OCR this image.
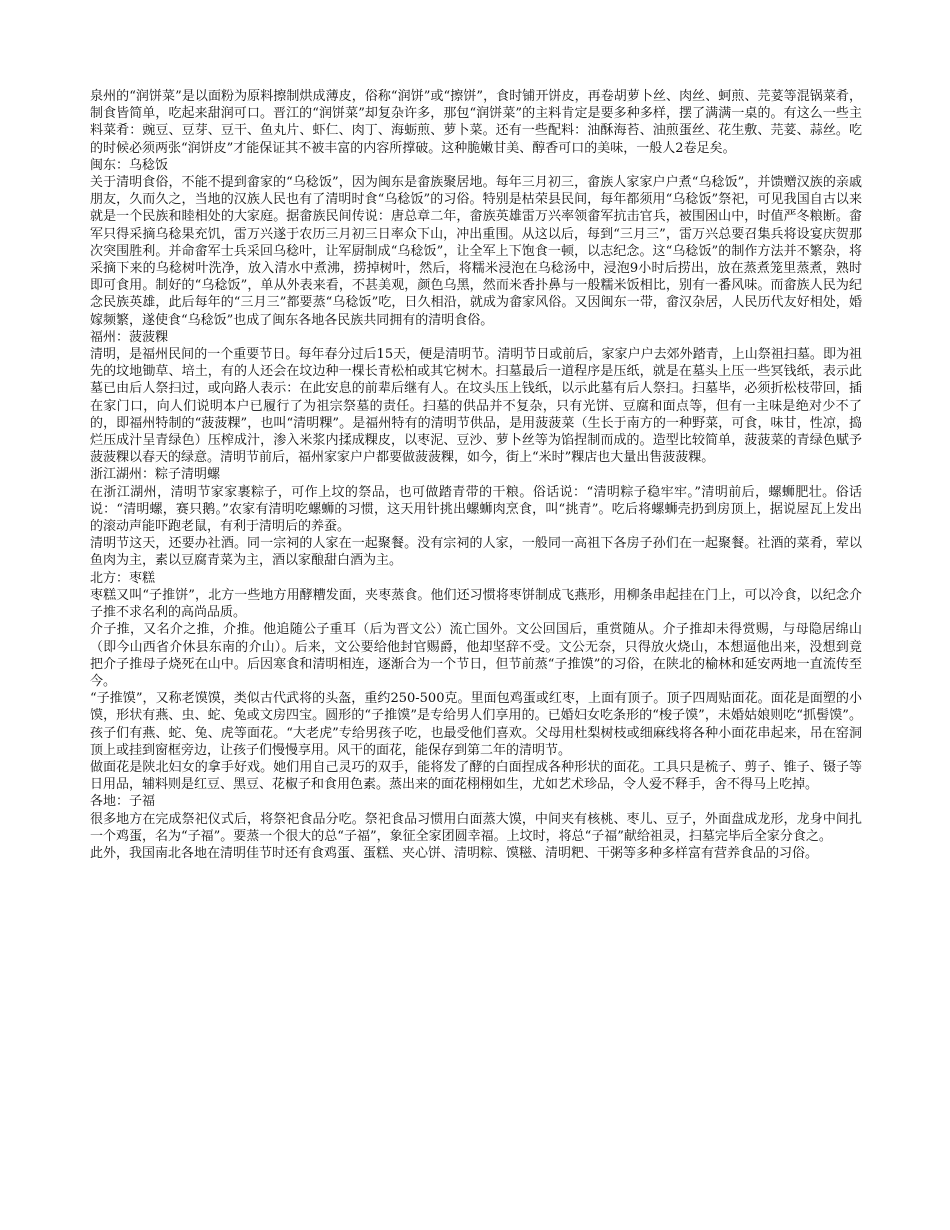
泉州的“润饼菜”是以面粉为原料擦制烘成薄皮，俗称“润饼”或“擦饼”，食时铺开饼皮，再卷胡萝卜丝、肉丝、蚵煎、芫荽等混锅菜肴，制食皆简单，吃起来甜润可口。晋江的“润饼菜”却复杂许多，那包“润饼菜”的主料肯定是要多种多样，摆了满满一桌的。有这么一些主料菜肴：豌豆、豆芽、豆干、鱼丸片、虾仁、肉丁、海蛎煎、萝卜菜。还有一些配料：油酥海苔、油煎蛋丝、花生敷、芫荽、蒜丝。吃的时候必须两张“润饼皮”才能保证其不被丰富的内容所撑破。这种脆嫩甘美、醇香可口的美味，一般人2卷足矣。

闽东：乌稔饭

关于清明食俗，不能不提到畲家的“乌稔饭”，因为闽东是畲族聚居地。每年三月初三，畲族人家家户户煮“乌稔饭”，并馈赠汉族的亲戚朋友，久而久之，当地的汉族人民也有了清明时食“乌稔饭”的习俗。特别是枯荣县民间，每年都须用“乌稔饭”祭祀，可见我国自古以来就是一个民族和睦相处的大家庭。据畲族民间传说：唐总章二年，畲族英雄雷万兴率领畲军抗击官兵，被围困山中，时值严冬粮断。畲军只得采摘乌稔果充饥，雷万兴遂于农历三月初三日率众下山，冲出重围。从这以后，每到“三月三”，雷万兴总要召集兵将设宴庆贺那次突围胜利。并命畲军士兵采回乌稔叶，让军厨制成“乌稔饭”，让全军上下饱食一顿，以志纪念。这“乌稔饭”的制作方法并不繁杂，将采摘下来的乌稔树叶洗净，放入清水中煮沸，捞掉树叶，然后，将糯米浸泡在乌稔汤中，浸泡9小时后捞出，放在蒸煮笼里蒸煮，熟时即可食用。制好的“乌稔饭”，单从外表来看，不甚美观，颜色乌黑，然而米香扑鼻与一般糯米饭相比，别有一番风味。而畲族人民为纪念民族英雄，此后每年的“三月三”都要蒸“乌稔饭”吃，日久相沿，就成为畲家风俗。又因闽东一带，畲汉杂居，人民历代友好相处，婚嫁频繁，遂使食“乌稔饭”也成了闽东各地各民族共同拥有的清明食俗。

福州：菠菠粿

清明，是福州民间的一个重要节日。每年春分过后15天，便是清明节。清明节日或前后，家家户户去郊外踏青，上山祭祖扫墓。即为祖先的坟地锄草、培土，有的人还会在坟边种一棵长青松柏或其它树木。扫墓最后一道程序是压纸，就是在墓头上压一些冥钱纸，表示此墓已由后人祭扫过，或向路人表示：在此安息的前辈后继有人。在坟头压上钱纸，以示此墓有后人祭扫。扫墓毕，必须折松枝带回，插在家门口，向人们说明本户已履行了为祖宗祭墓的责任。扫墓的供品并不复杂，只有光饼、豆腐和面点等，但有一主味是绝对少不了的，即福州特制的“菠菠粿”，也叫“清明粿”。是福州特有的清明节供品，是用菠菠菜（生长于南方的一种野菜，可食，味甘，性凉，捣烂压成汁呈青绿色）压榨成汁，渗入米浆内揉成粿皮，以枣泥、豆沙、萝卜丝等为馅捏制而成的。造型比较简单，菠菠菜的青绿色赋予菠菠粿以春天的绿意。清明节前后，福州家家户户都要做菠菠粿，如今，街上“米时”粿店也大量出售菠菠粿。

浙江湖州：粽子清明螺

在浙江湖州，清明节家家裹粽子，可作上坟的祭品，也可做踏青带的干粮。俗话说：“清明粽子稳牢牢。”清明前后，螺蛳肥壮。俗话说：“清明螺，赛只鹅。”农家有清明吃螺蛳的习惯，这天用针挑出螺蛳肉烹食，叫“挑青”。吃后将螺蛳壳扔到房顶上，据说屋瓦上发出的滚动声能吓跑老鼠，有利于清明后的养蚕。

清明节这天，还要办社酒。同一宗祠的人家在一起聚餐。没有宗祠的人家，一般同一高祖下各房子孙们在一起聚餐。社酒的菜肴，荤以鱼肉为主，素以豆腐青菜为主，酒以家酿甜白酒为主。

北方：枣糕

枣糕又叫“子推饼”，北方一些地方用酵糟发面，夹枣蒸食。他们还习惯将枣饼制成飞燕形，用柳条串起挂在门上，可以冷食，以纪念介子推不求名利的高尚品质。

介子推，又名介之推，介推。他追随公子重耳（后为晋文公）流亡国外。文公回国后，重赏随从。介子推却未得赏赐，与母隐居绵山（即今山西省介休县东南的介山）。后来，文公要给他封官赐爵，他却坚辞不受。文公无奈，只得放火烧山，本想逼他出来，没想到竟把介子推母子烧死在山中。后因寒食和清明相连，逐渐合为一个节日，但节前蒸“子推馍”的习俗，在陕北的榆林和延安两地一直流传至今。

“子推馍”，又称老馍馍，类似古代武将的头盔，重约250-500克。里面包鸡蛋或红枣，上面有顶子。顶子四周贴面花。面花是面塑的小馍，形状有燕、虫、蛇、兔或文房四宝。圆形的“子推馍”是专给男人们享用的。已婚妇女吃条形的“梭子馍”，未婚姑娘则吃“抓髻馍”。孩子们有燕、蛇、兔、虎等面花。“大老虎”专给男孩子吃，也最受他们喜欢。父母用杜梨树枝或细麻线将各种小面花串起来，吊在窑洞顶上或挂到窗框旁边，让孩子们慢慢享用。风干的面花，能保存到第二年的清明节。

做面花是陕北妇女的拿手好戏。她们用自己灵巧的双手，能将发了酵的白面捏成各种形状的面花。工具只是梳子、剪子、锥子、镊子等日用品，辅料则是红豆、黑豆、花椒子和食用色素。蒸出来的面花栩栩如生，尤如艺术珍品，令人爱不释手，舍不得马上吃掉。

各地：子福

很多地方在完成祭祀仪式后，将祭祀食品分吃。祭祀食品习惯用白面蒸大馍，中间夹有核桃、枣儿、豆子，外面盘成龙形，龙身中间扎一个鸡蛋，名为“子福”。要蒸一个很大的总“子福”，象征全家团圆幸福。上坟时，将总“子福”献给祖灵，扫墓完毕后全家分食之。

此外，我国南北各地在清明佳节时还有食鸡蛋、蛋糕、夹心饼、清明粽、馍糍、清明粑、干粥等多种多样富有营养食品的习俗。
